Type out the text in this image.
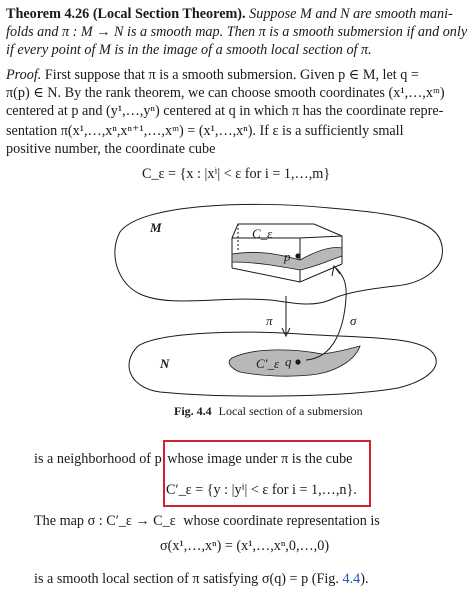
Theorem 4.26 (Local Section Theorem). Suppose M and N are smooth mani-
folds and π : M → N is a smooth map. Then π is a smooth submersion if and only
if every point of M is in the image of a smooth local section of π.
Proof. First suppose that π is a smooth submersion. Given p ∈ M, let q =
π(p) ∈ N. By the rank theorem, we can choose smooth coordinates (x¹,…,xᵐ)
centered at p and (y¹,…,yⁿ) centered at q in which π has the coordinate repre-
sentation π(x¹,…,xⁿ,xⁿ⁺¹,…,xᵐ) = (x¹,…,xⁿ). If ε is a sufficiently small
positive number, the coordinate cube
C_ε = {x : |xⁱ| < ε for i = 1,…,m}
M	C_ε
p
π	σ
N	C′_ε q
Fig. 4.4 Local section of a submersion
is a neighborhood of p whose image under π is the cube
C′_ε = {y : |yⁱ| < ε for i = 1,…,n}.
The map σ : C′_ε → C_ε whose coordinate representation is
σ(x¹,…,xⁿ) = (x¹,…,xⁿ,0,…,0)
is a smooth local section of π satisfying σ(q) = p (Fig. 4.4).
